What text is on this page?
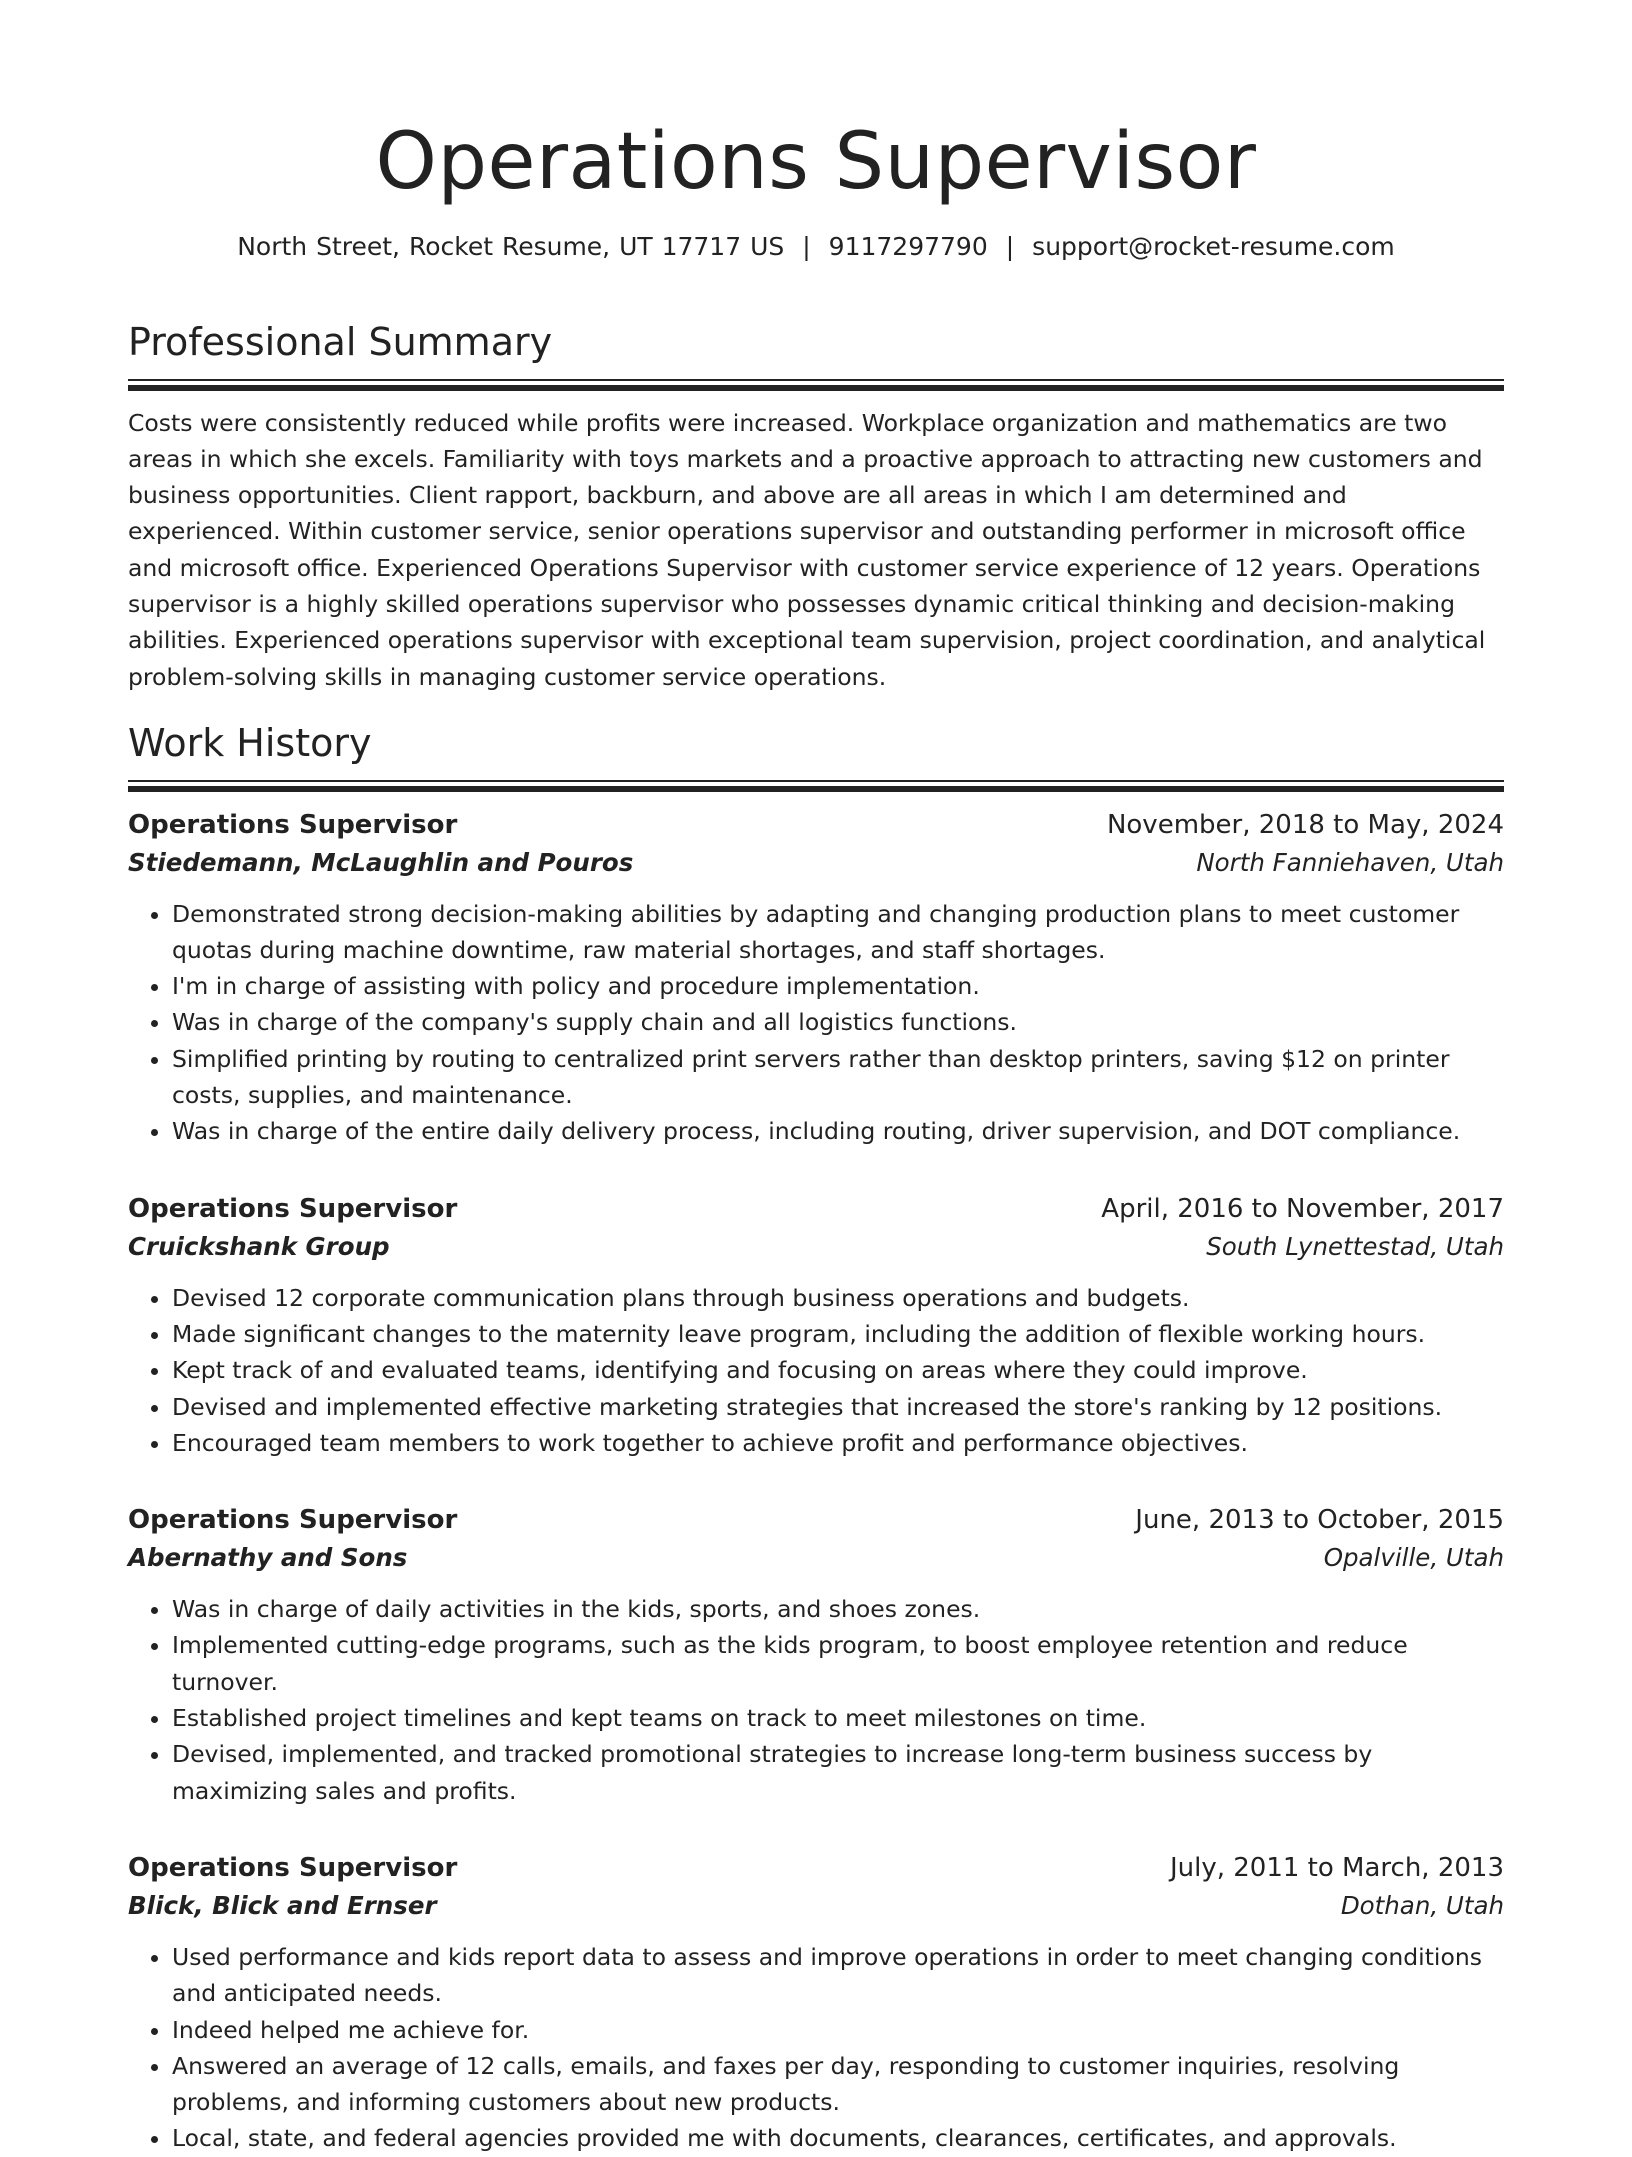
Operations Supervisor
North Street, Rocket Resume, UT 17717 US | 9117297790 | support@rocket-resume.com
Professional Summary

Costs were consistently reduced while profits were increased. Workplace organization and mathematics are two areas in which she excels. Familiarity with toys markets and a proactive approach to attracting new customers and business opportunities. Client rapport, backburn, and above are all areas in which I am determined and experienced. Within customer service, senior operations supervisor and outstanding performer in microsoft office and microsoft office. Experienced Operations Supervisor with customer service experience of 12 years. Operations supervisor is a highly skilled operations supervisor who possesses dynamic critical thinking and decision-making abilities. Experienced operations supervisor with exceptional team supervision, project coordination, and analytical problem-solving skills in managing customer service operations.

Work History
Operations Supervisor	November, 2018 to May, 2024
Stiedemann, McLaughlin and Pouros	North Fanniehaven, Utah
• Demonstrated strong decision-making abilities by adapting and changing production plans to meet customer quotas during machine downtime, raw material shortages, and staff shortages.
• I'm in charge of assisting with policy and procedure implementation.
• Was in charge of the company's supply chain and all logistics functions.
• Simplified printing by routing to centralized print servers rather than desktop printers, saving $12 on printer costs, supplies, and maintenance.
• Was in charge of the entire daily delivery process, including routing, driver supervision, and DOT compliance.
Operations Supervisor	April, 2016 to November, 2017
Cruickshank Group	South Lynettestad, Utah
• Devised 12 corporate communication plans through business operations and budgets.
• Made significant changes to the maternity leave program, including the addition of flexible working hours.
• Kept track of and evaluated teams, identifying and focusing on areas where they could improve.
• Devised and implemented effective marketing strategies that increased the store's ranking by 12 positions.
• Encouraged team members to work together to achieve profit and performance objectives.
Operations Supervisor	June, 2013 to October, 2015
Abernathy and Sons	Opalville, Utah
• Was in charge of daily activities in the kids, sports, and shoes zones.
• Implemented cutting-edge programs, such as the kids program, to boost employee retention and reduce turnover.
• Established project timelines and kept teams on track to meet milestones on time.
• Devised, implemented, and tracked promotional strategies to increase long-term business success by maximizing sales and profits.
Operations Supervisor	July, 2011 to March, 2013
Blick, Blick and Ernser	Dothan, Utah
• Used performance and kids report data to assess and improve operations in order to meet changing conditions and anticipated needs.
• Indeed helped me achieve for.
• Answered an average of 12 calls, emails, and faxes per day, responding to customer inquiries, resolving problems, and informing customers about new products.
• Local, state, and federal agencies provided me with documents, clearances, certificates, and approvals.
